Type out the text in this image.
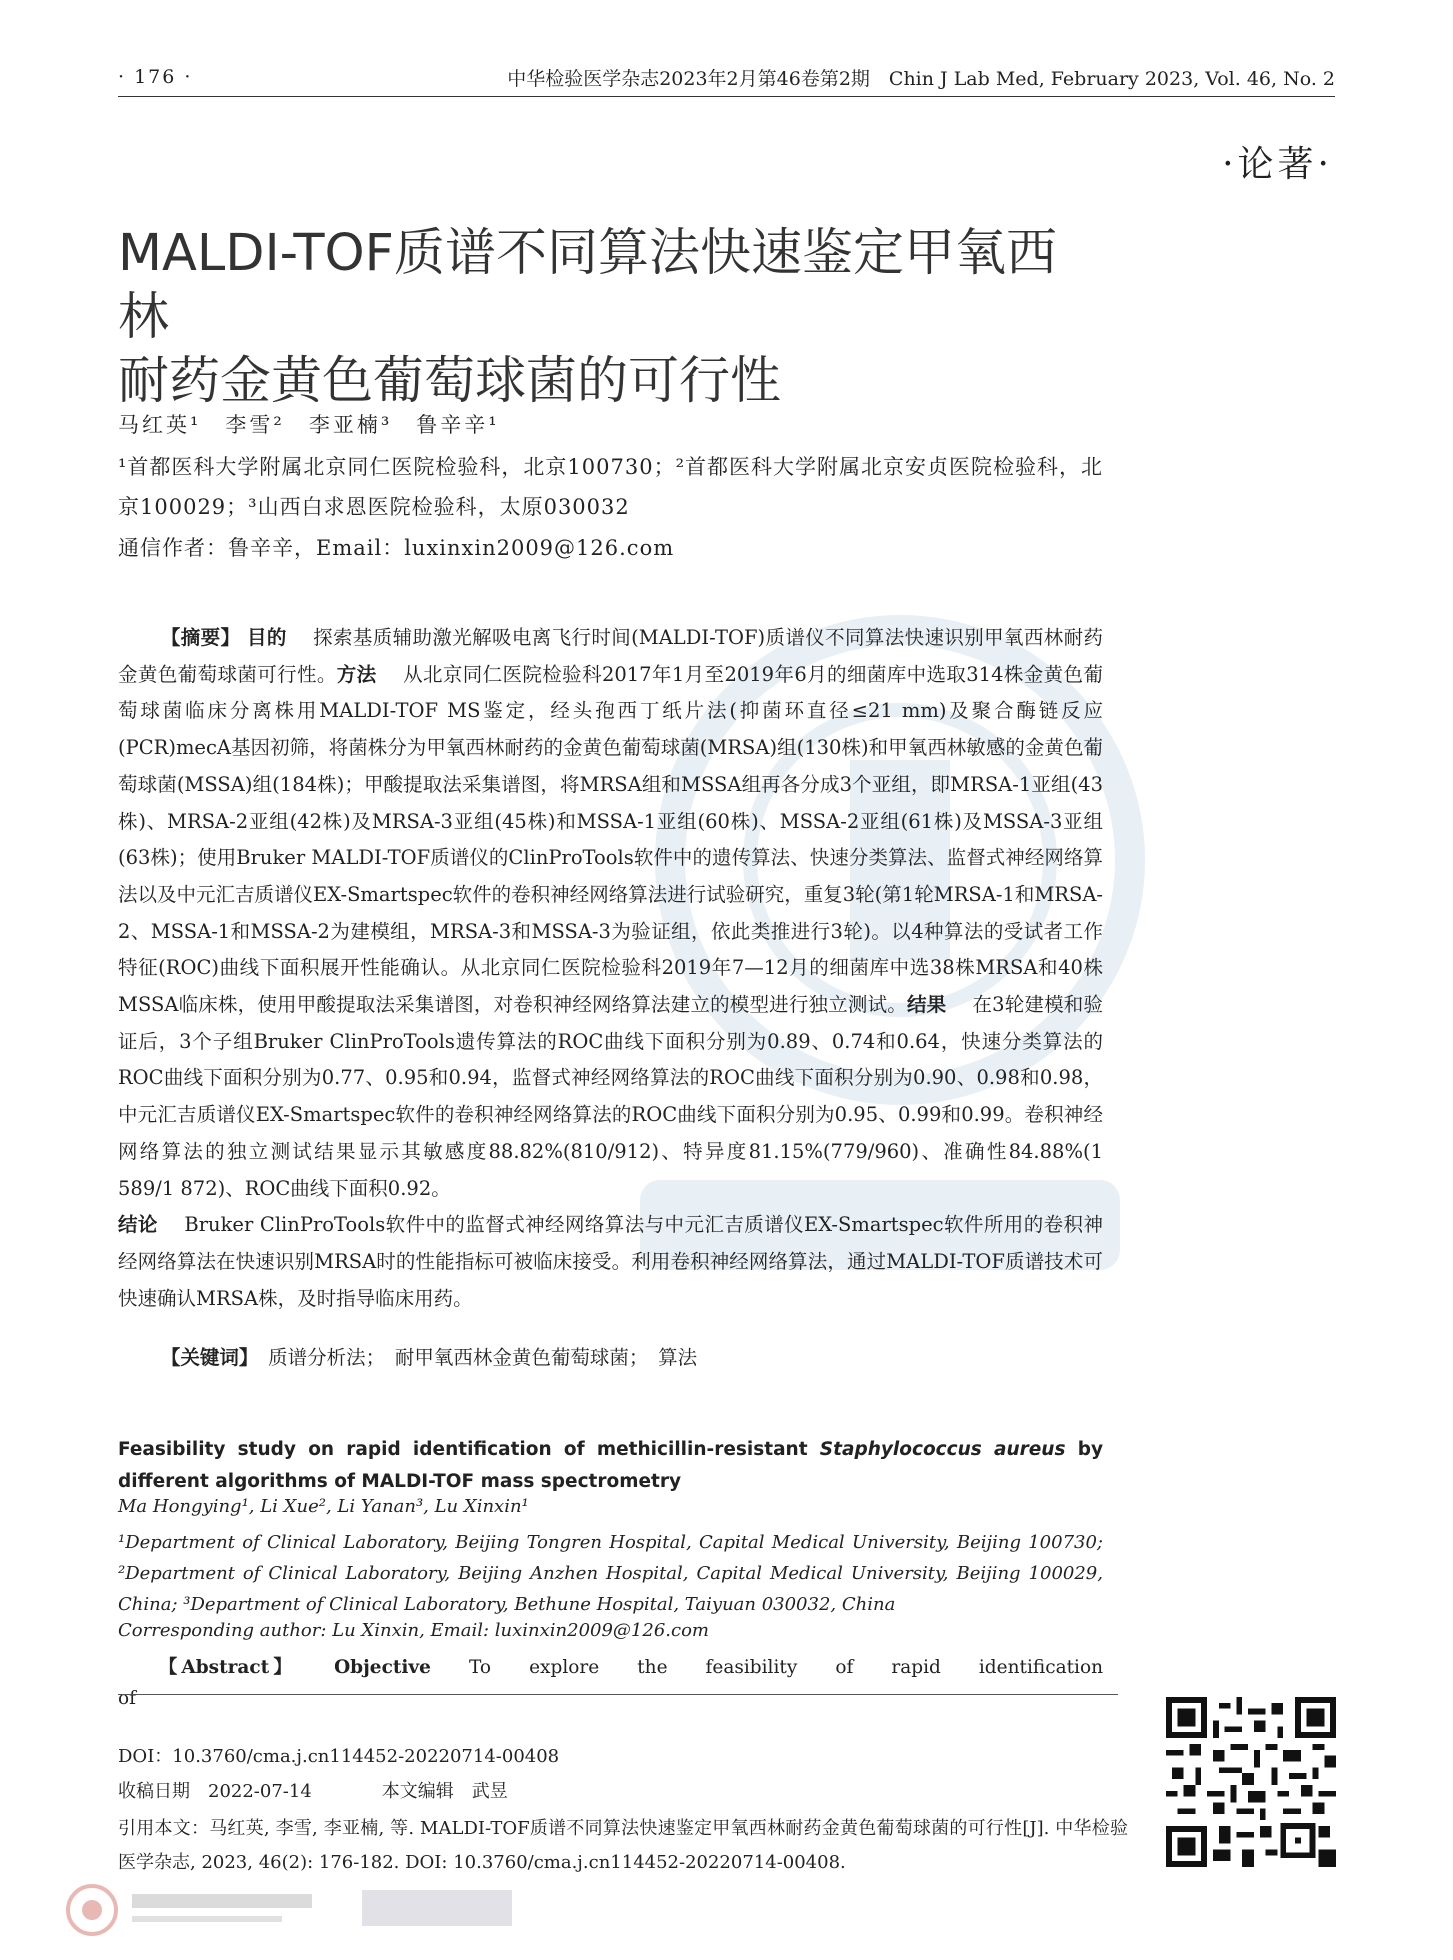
· 176 ·	中华检验医学杂志2023年2月第46卷第2期　Chin J Lab Med, February 2023, Vol. 46, No. 2
·论著·
MALDI-TOF质谱不同算法快速鉴定甲氧西林
耐药金黄色葡萄球菌的可行性
马红英¹　李雪²　李亚楠³　鲁辛辛¹
¹首都医科大学附属北京同仁医院检验科，北京100730；²首都医科大学附属北京安贞医院检验科，北京100029；³山西白求恩医院检验科，太原030032
通信作者：鲁辛辛，Email：luxinxin2009@126.com

【摘要】 目的　 探索基质辅助激光解吸电离飞行时间(MALDI-TOF)质谱仪不同算法快速识别甲氧西林耐药金黄色葡萄球菌可行性。方法　 从北京同仁医院检验科2017年1月至2019年6月的细菌库中选取314株金黄色葡萄球菌临床分离株用MALDI-TOF MS鉴定，经头孢西丁纸片法(抑菌环直径≤21 mm)及聚合酶链反应(PCR)mecA基因初筛，将菌株分为甲氧西林耐药的金黄色葡萄球菌(MRSA)组(130株)和甲氧西林敏感的金黄色葡萄球菌(MSSA)组(184株)；甲酸提取法采集谱图，将MRSA组和MSSA组再各分成3个亚组，即MRSA-1亚组(43株)、MRSA-2亚组(42株)及MRSA-3亚组(45株)和MSSA-1亚组(60株)、MSSA-2亚组(61株)及MSSA-3亚组(63株)；使用Bruker MALDI-TOF质谱仪的ClinProTools软件中的遗传算法、快速分类算法、监督式神经网络算法以及中元汇吉质谱仪EX-Smartspec软件的卷积神经网络算法进行试验研究，重复3轮(第1轮MRSA-1和MRSA-2、MSSA-1和MSSA-2为建模组，MRSA-3和MSSA-3为验证组，依此类推进行3轮)。以4种算法的受试者工作特征(ROC)曲线下面积展开性能确认。从北京同仁医院检验科2019年7—12月的细菌库中选38株MRSA和40株MSSA临床株，使用甲酸提取法采集谱图，对卷积神经网络算法建立的模型进行独立测试。结果　 在3轮建模和验证后，3个子组Bruker ClinProTools遗传算法的ROC曲线下面积分别为0.89、0.74和0.64，快速分类算法的ROC曲线下面积分别为0.77、0.95和0.94，监督式神经网络算法的ROC曲线下面积分别为0.90、0.98和0.98，中元汇吉质谱仪EX-Smartspec软件的卷积神经网络算法的ROC曲线下面积分别为0.95、0.99和0.99。卷积神经网络算法的独立测试结果显示其敏感度88.82%(810/912)、特异度81.15%(779/960)、准确性84.88%(1 589/1 872)、ROC曲线下面积0.92。

结论　 Bruker ClinProTools软件中的监督式神经网络算法与中元汇吉质谱仪EX-Smartspec软件所用的卷积神经网络算法在快速识别MRSA时的性能指标可被临床接受。利用卷积神经网络算法，通过MALDI-TOF质谱技术可快速确认MRSA株，及时指导临床用药。

【关键词】　 质谱分析法；　耐甲氧西林金黄色葡萄球菌；　算法
Feasibility study on rapid identification of methicillin-resistant Staphylococcus aureus by different algorithms of MALDI-TOF mass spectrometry
Ma Hongying¹, Li Xue², Li Yanan³, Lu Xinxin¹
¹Department of Clinical Laboratory, Beijing Tongren Hospital, Capital Medical University, Beijing 100730; ²Department of Clinical Laboratory, Beijing Anzhen Hospital, Capital Medical University, Beijing 100029, China; ³Department of Clinical Laboratory, Bethune Hospital, Taiyuan 030032, China
Corresponding author: Lu Xinxin, Email: luxinxin2009@126.com
【Abstract】 Objective To explore the feasibility of rapid identification of
DOI：10.3760/cma.j.cn114452-20220714-00408
收稿日期　2022-07-14	本文编辑　武昱
引用本文：马红英, 李雪, 李亚楠, 等. MALDI-TOF质谱不同算法快速鉴定甲氧西林耐药金黄色葡萄球菌的可行性[J]. 中华检验医学杂志, 2023, 46(2): 176-182. DOI: 10.3760/cma.j.cn114452-20220714-00408.
